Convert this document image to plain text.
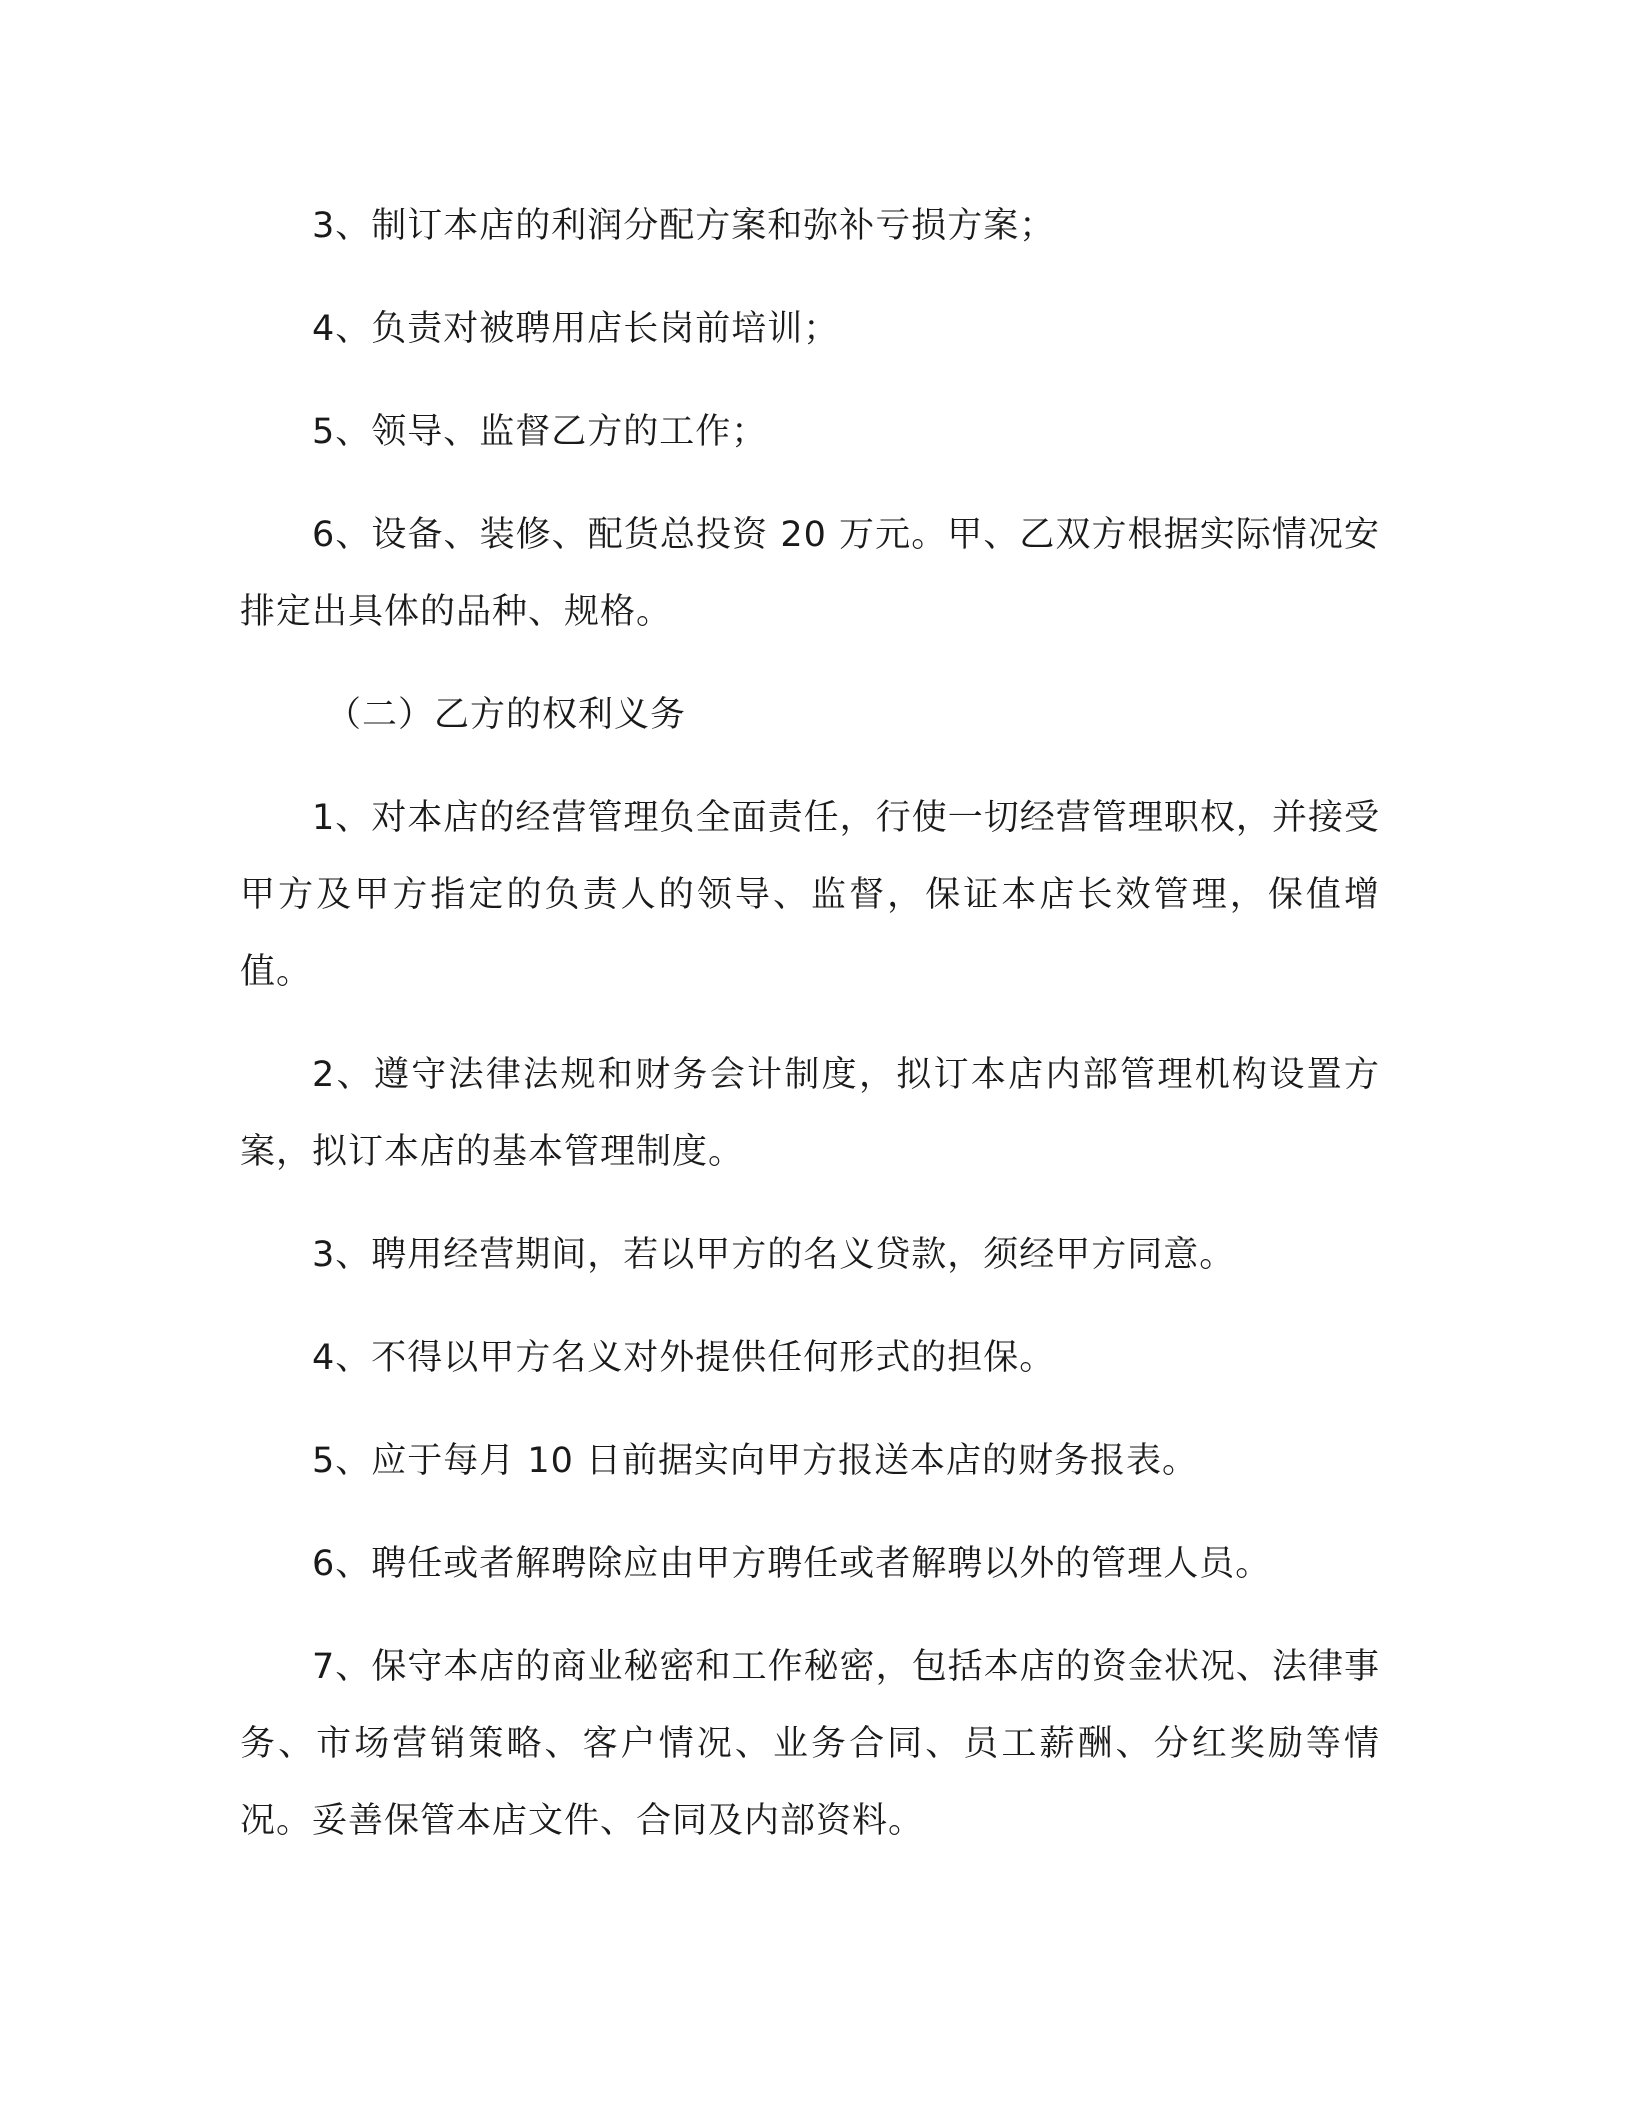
3、制订本店的利润分配方案和弥补亏损方案；

4、负责对被聘用店长岗前培训；

5、领导、监督乙方的工作；

6、设备、装修、配货总投资 20 万元。甲、乙双方根据实际情况安排定出具体的品种、规格。

（二）乙方的权利义务

1、对本店的经营管理负全面责任，行使一切经营管理职权，并接受甲方及甲方指定的负责人的领导、监督，保证本店长效管理，保值增值。

2、遵守法律法规和财务会计制度，拟订本店内部管理机构设置方案，拟订本店的基本管理制度。

3、聘用经营期间，若以甲方的名义贷款，须经甲方同意。

4、不得以甲方名义对外提供任何形式的担保。

5、应于每月 10 日前据实向甲方报送本店的财务报表。

6、聘任或者解聘除应由甲方聘任或者解聘以外的管理人员。

7、保守本店的商业秘密和工作秘密，包括本店的资金状况、法律事务、市场营销策略、客户情况、业务合同、员工薪酬、分红奖励等情况。妥善保管本店文件、合同及内部资料。
